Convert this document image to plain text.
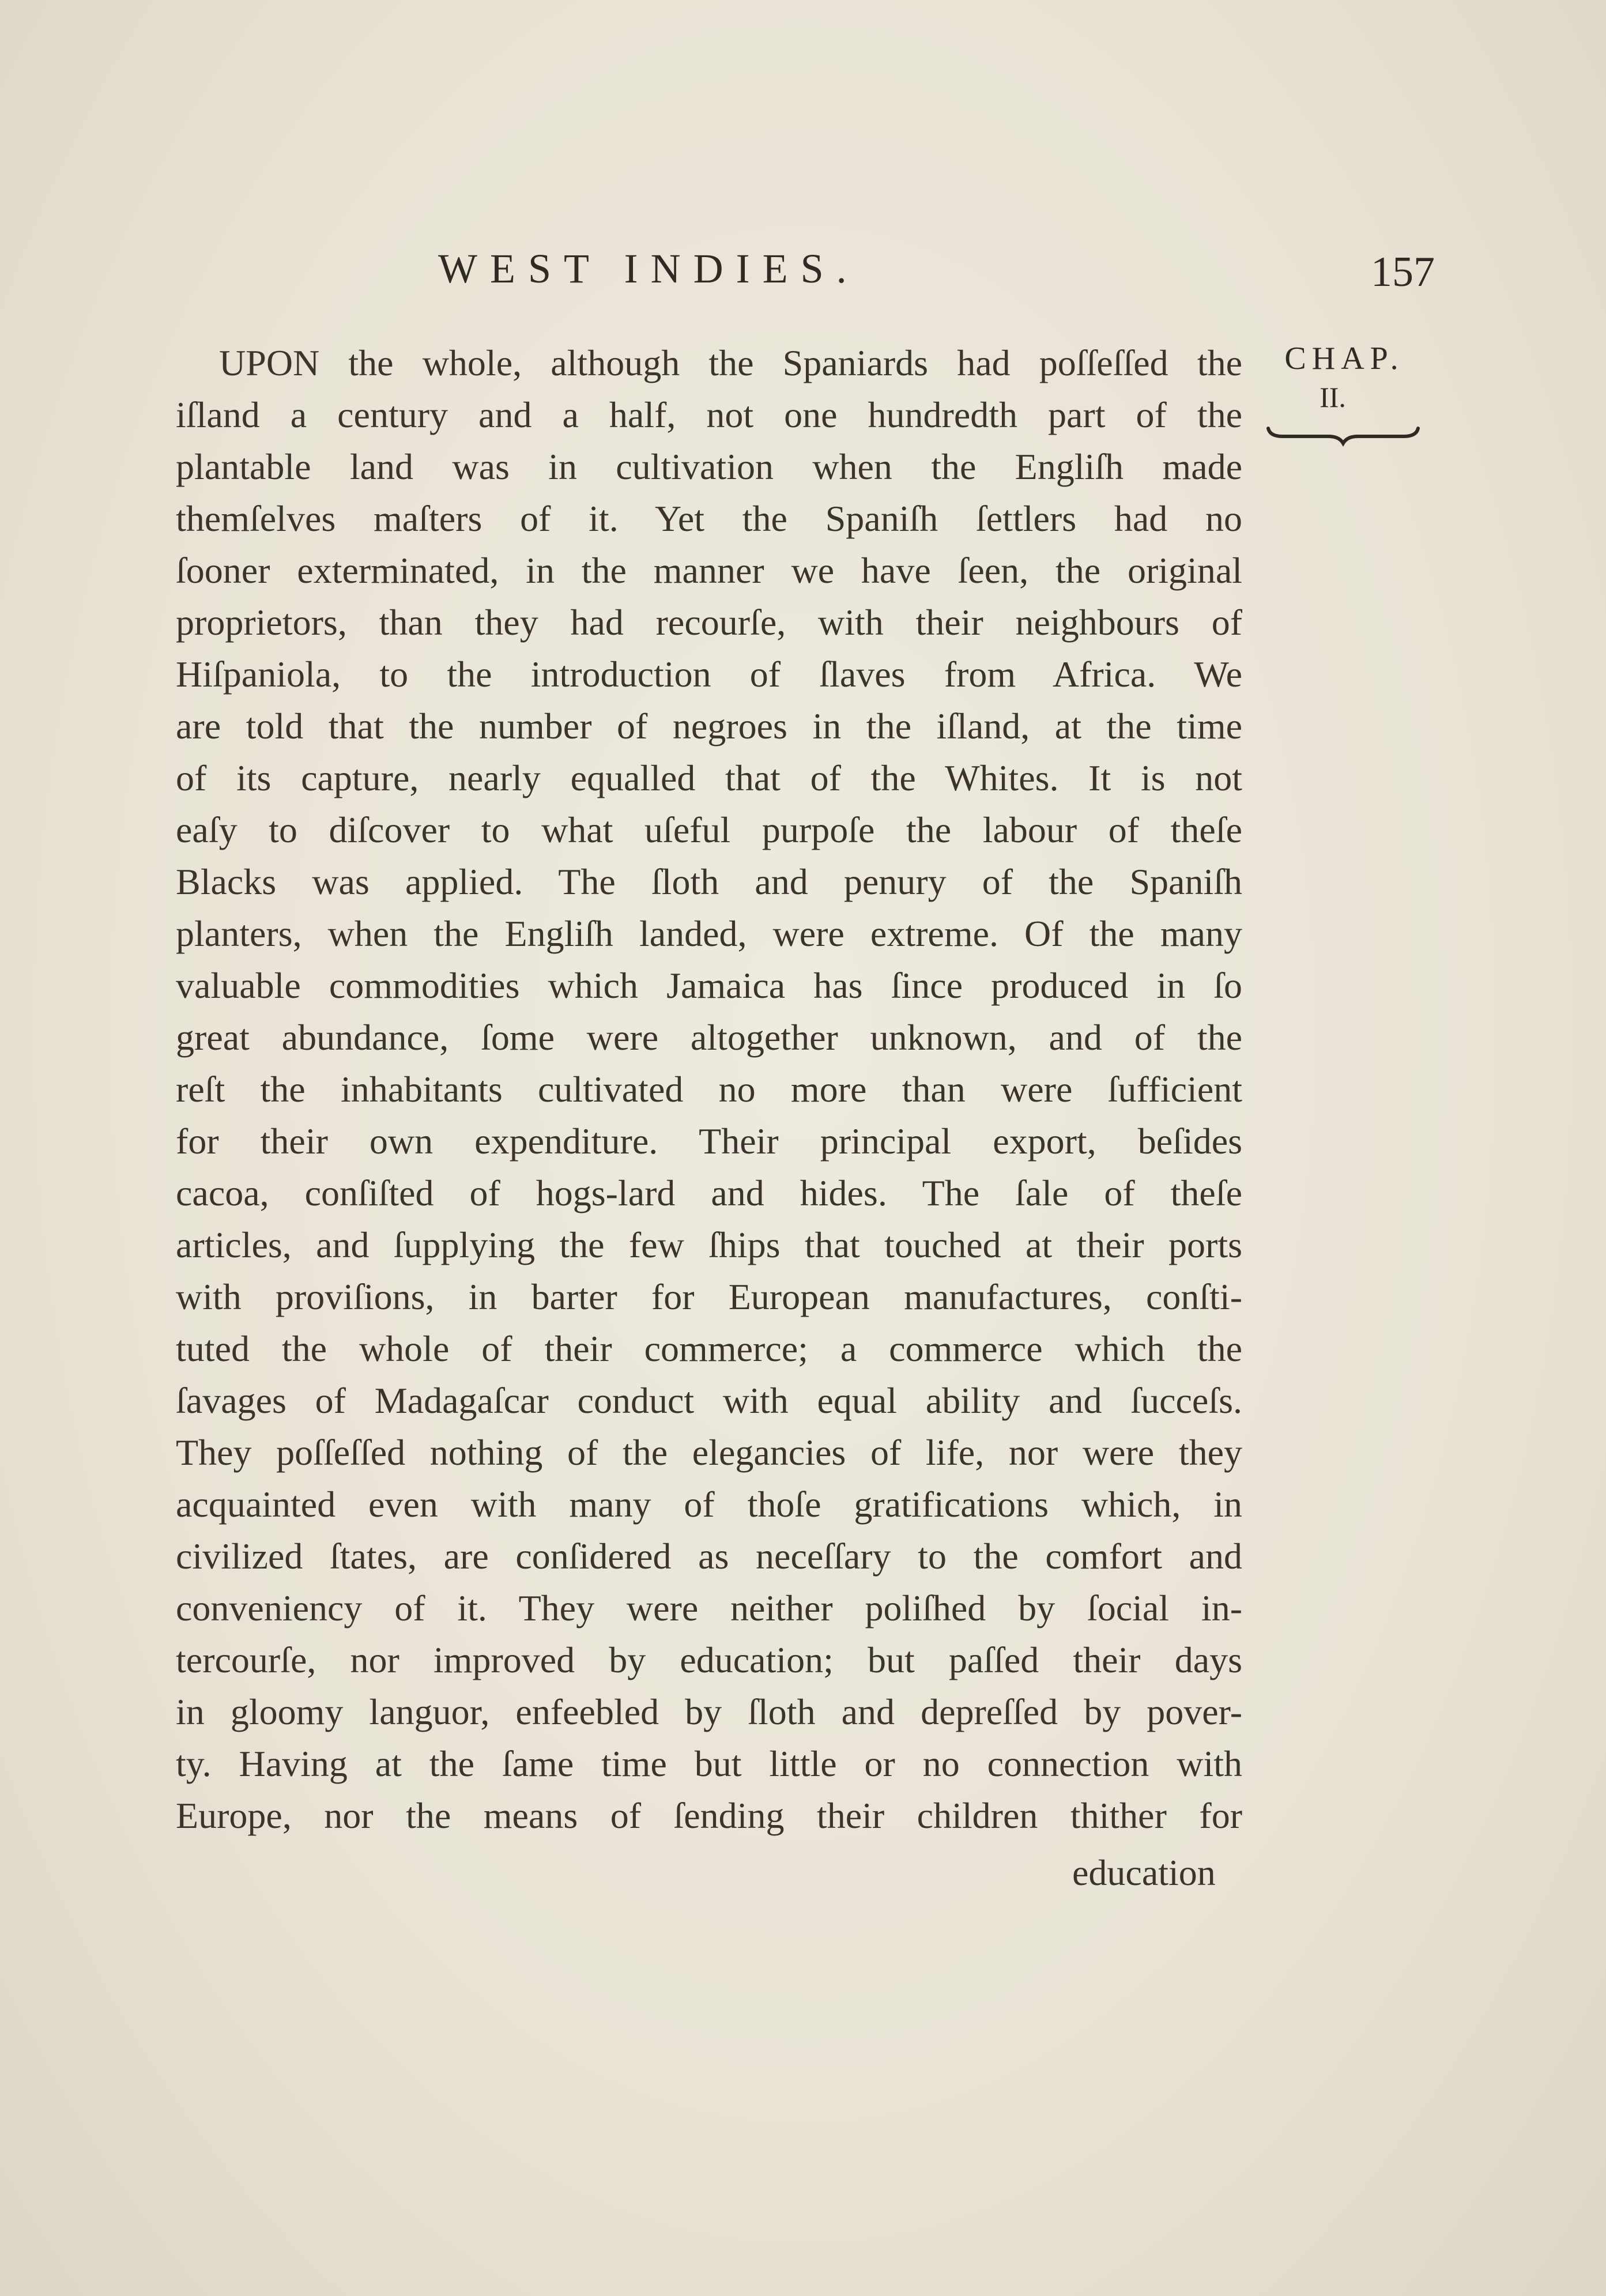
WEST INDIES.	157
CHAP.
II.
UPON the whole, although the Spaniards had poſſeſſed the
iſland a century and a half, not one hundredth part of the
plantable land was in cultivation when the Engliſh made
themſelves maſters of it. Yet the Spaniſh ſettlers had no
ſooner exterminated, in the manner we have ſeen, the original
proprietors, than they had recourſe, with their neighbours of
Hiſpaniola, to the introduction of ſlaves from Africa. We
are told that the number of negroes in the iſland, at the time
of its capture, nearly equalled that of the Whites. It is not
eaſy to diſcover to what uſeful purpoſe the labour of theſe
Blacks was applied. The ſloth and penury of the Spaniſh
planters, when the Engliſh landed, were extreme. Of the many
valuable commodities which Jamaica has ſince produced in ſo
great abundance, ſome were altogether unknown, and of the
reſt the inhabitants cultivated no more than were ſufficient
for their own expenditure. Their principal export, beſides
cacoa, conſiſted of hogs-lard and hides. The ſale of theſe
articles, and ſupplying the few ſhips that touched at their ports
with proviſions, in barter for European manufactures, conſti-
tuted the whole of their commerce; a commerce which the
ſavages of Madagaſcar conduct with equal ability and ſucceſs.
They poſſeſſed nothing of the elegancies of life, nor were they
acquainted even with many of thoſe gratifications which, in
civilized ſtates, are conſidered as neceſſary to the comfort and
conveniency of it. They were neither poliſhed by ſocial in-
tercourſe, nor improved by education; but paſſed their days
in gloomy languor, enfeebled by ſloth and depreſſed by pover-
ty. Having at the ſame time but little or no connection with
Europe, nor the means of ſending their children thither for
education
